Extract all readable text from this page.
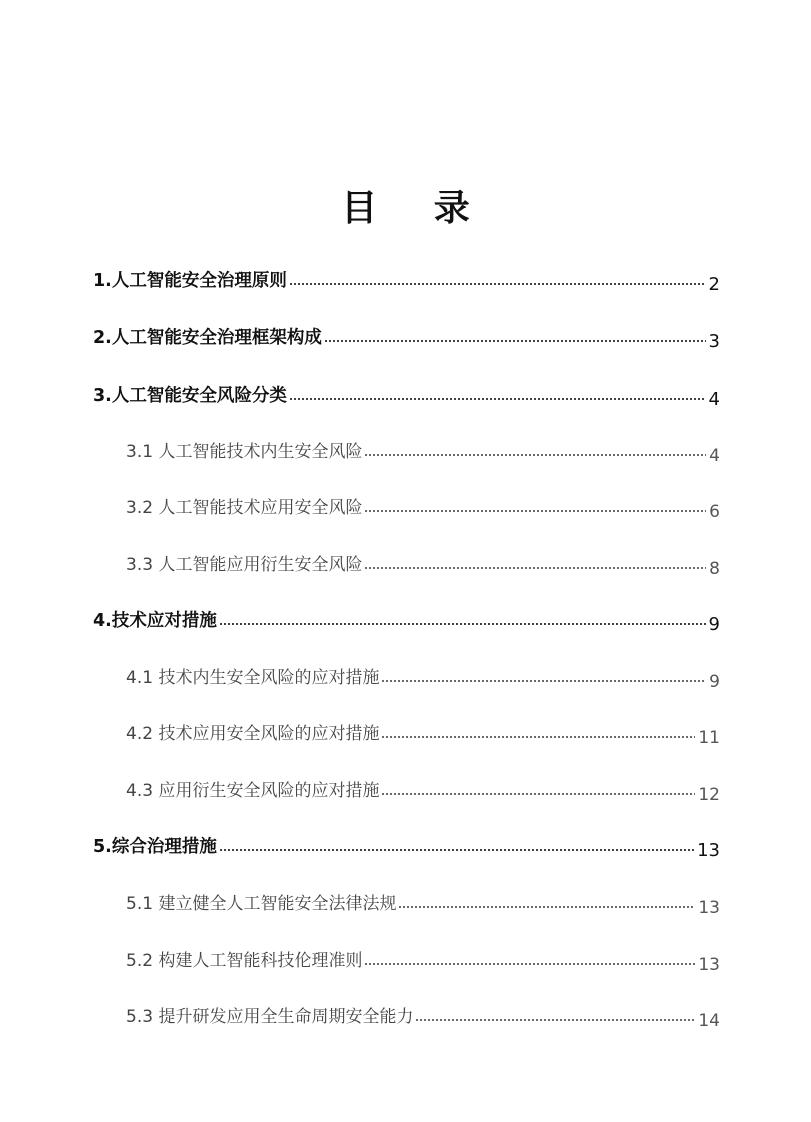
目 录
1.人工智能安全治理原则	2
2.人工智能安全治理框架构成	3
3.人工智能安全风险分类	4
3.1 人工智能技术内生安全风险	4
3.2 人工智能技术应用安全风险	6
3.3 人工智能应用衍生安全风险	8
4.技术应对措施	9
4.1 技术内生安全风险的应对措施	9
4.2 技术应用安全风险的应对措施	11
4.3 应用衍生安全风险的应对措施	12
5.综合治理措施	13
5.1 建立健全人工智能安全法律法规	13
5.2 构建人工智能科技伦理准则	13
5.3 提升研发应用全生命周期安全能力	14
